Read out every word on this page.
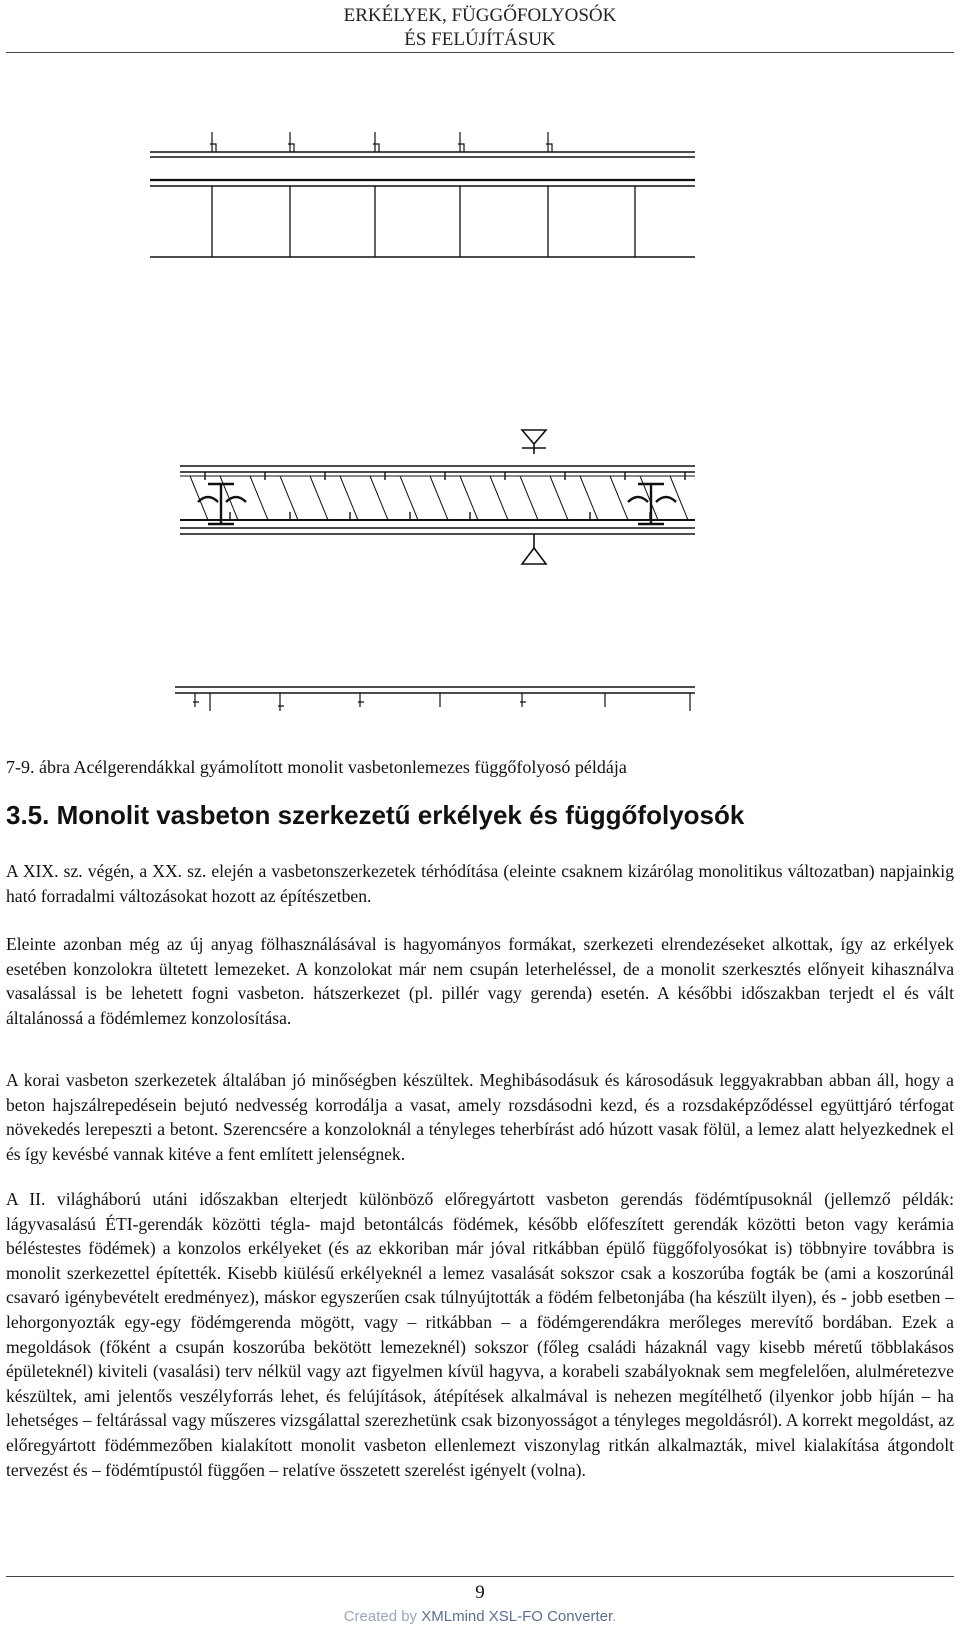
ERKÉLYEK, FÜGGŐFOLYOSÓK
ÉS FELÚJÍTÁSUK
7-9. ábra Acélgerendákkal gyámolított monolit vasbetonlemezes függőfolyosó példája
3.5. Monolit vasbeton szerkezetű erkélyek és függőfolyosók

A XIX. sz. végén, a XX. sz. elején a vasbetonszerkezetek térhódítása (eleinte csaknem kizárólag monolitikus változatban) napjainkig ható forradalmi változásokat hozott az építészetben.

Eleinte azonban még az új anyag fölhasználásával is hagyományos formákat, szerkezeti elrendezéseket alkottak, így az erkélyek esetében konzolokra ültetett lemezeket. A konzolokat már nem csupán leterheléssel, de a monolit szerkesztés előnyeit kihasználva vasalással is be lehetett fogni vasbeton. hátszerkezet (pl. pillér vagy gerenda) esetén. A későbbi időszakban terjedt el és vált általánossá a födémlemez konzolosítása.

A korai vasbeton szerkezetek általában jó minőségben készültek. Meghibásodásuk és károsodásuk leggyakrabban abban áll, hogy a beton hajszálrepedésein bejutó nedvesség korrodálja a vasat, amely rozsdásodni kezd, és a rozsdaképződéssel együttjáró térfogat növekedés lerepeszti a betont. Szerencsére a konzoloknál a tényleges teherbírást adó húzott vasak fölül, a lemez alatt helyezkednek el és így kevésbé vannak kitéve a fent említett jelenségnek.

A II. világháború utáni időszakban elterjedt különböző előregyártott vasbeton gerendás födémtípusoknál (jellemző példák: lágyvasalású ÉTI-gerendák közötti tégla- majd betontálcás födémek, később előfeszített gerendák közötti beton vagy kerámia béléstestes födémek) a konzolos erkélyeket (és az ekkoriban már jóval ritkábban épülő függőfolyosókat is) többnyire továbbra is monolit szerkezettel építették. Kisebb kiülésű erkélyeknél a lemez vasalását sokszor csak a koszorúba fogták be (ami a koszorúnál csavaró igénybevételt eredményez), máskor egyszerűen csak túlnyújtották a födém felbetonjába (ha készült ilyen), és - jobb esetben – lehorgonyozták egy-egy födémgerenda mögött, vagy – ritkábban – a födémgerendákra merőleges merevítő bordában. Ezek a megoldások (főként a csupán koszorúba bekötött lemezeknél) sokszor (főleg családi házaknál vagy kisebb méretű többlakásos épületeknél) kiviteli (vasalási) terv nélkül vagy azt figyelmen kívül hagyva, a korabeli szabályoknak sem megfelelően, alulméretezve készültek, ami jelentős veszélyforrás lehet, és felújítások, átépítések alkalmával is nehezen megítélhető (ilyenkor jobb híján – ha lehetséges – feltárással vagy műszeres vizsgálattal szerezhetünk csak bizonyosságot a tényleges megoldásról). A korrekt megoldást, az előregyártott födémmezőben kialakított monolit vasbeton ellenlemezt viszonylag ritkán alkalmazták, mivel kialakítása átgondolt tervezést és – födémtípustól függően – relatíve összetett szerelést igényelt (volna).

9
Created by XMLmind XSL-FO Converter.
